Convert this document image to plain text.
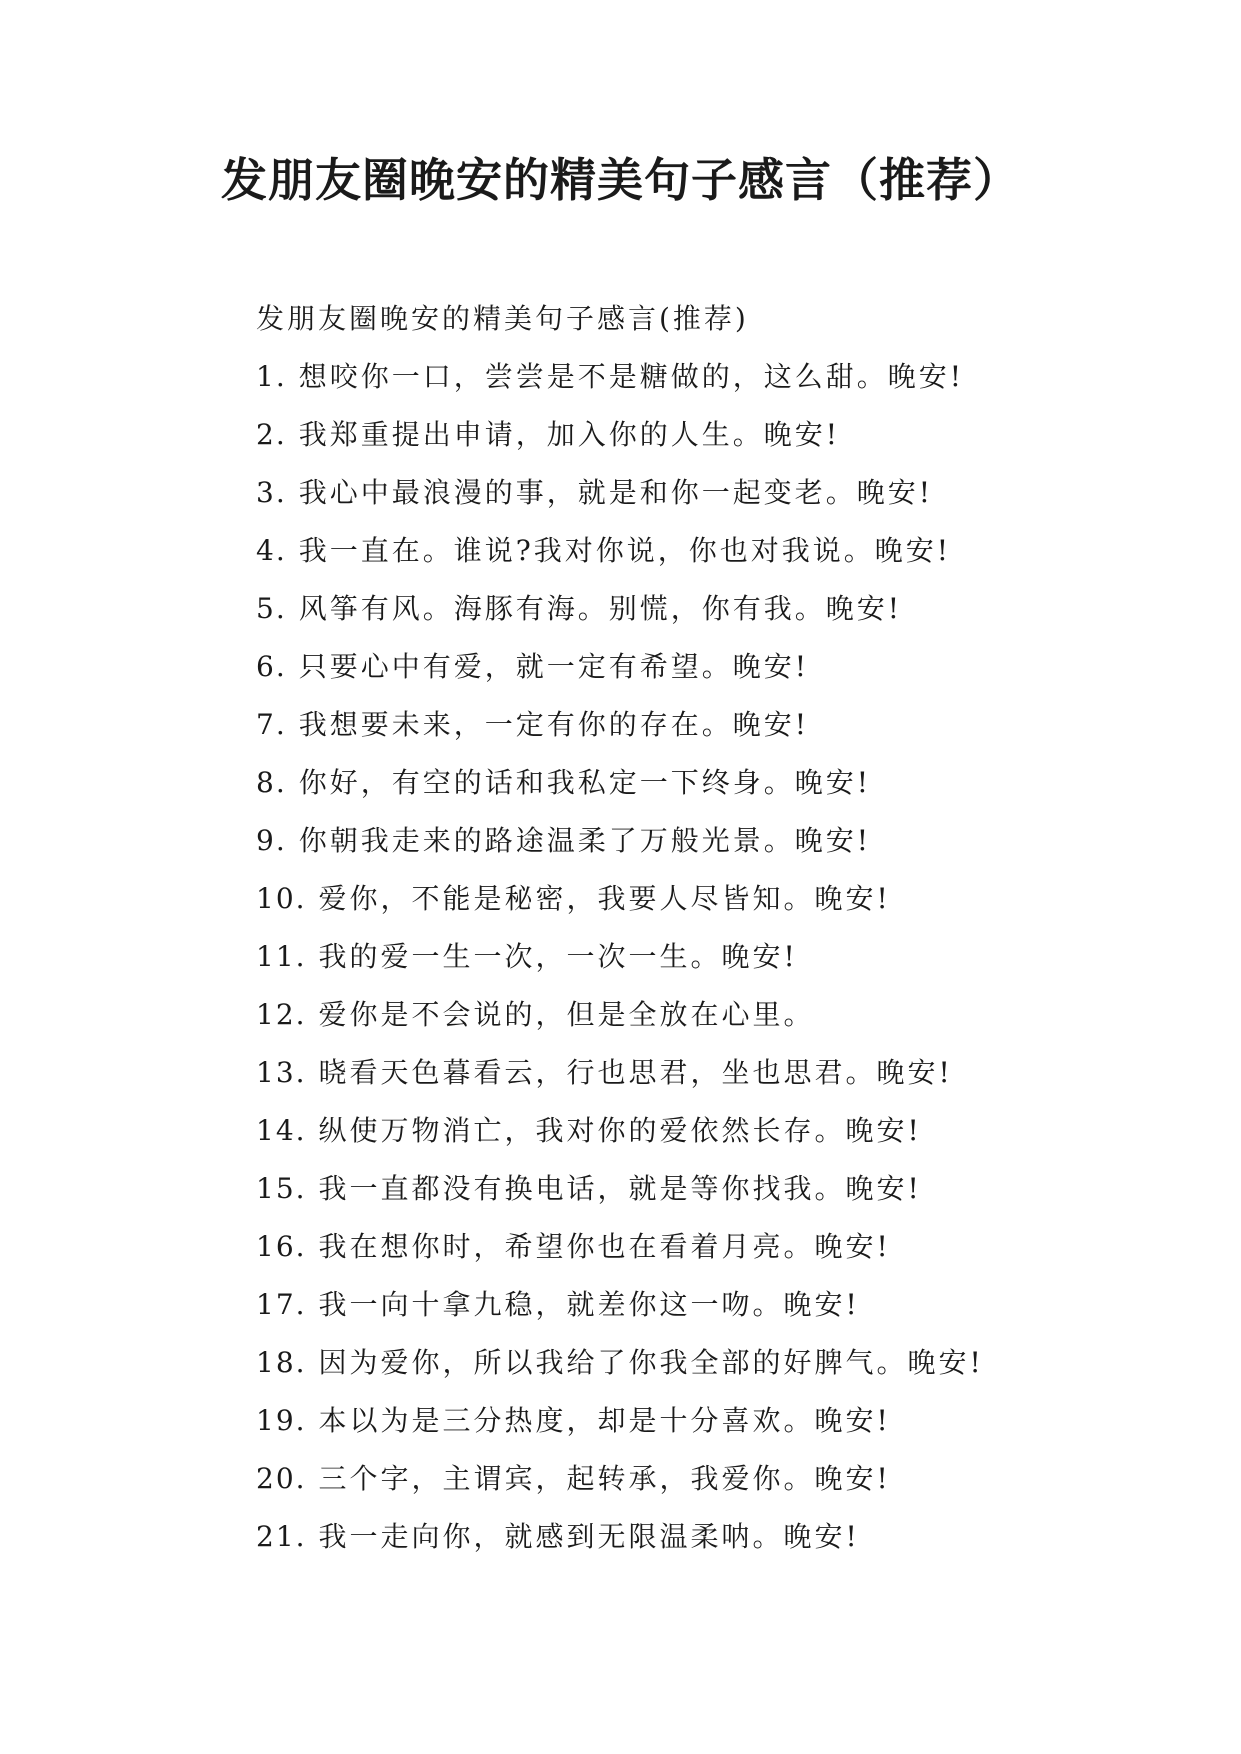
发朋友圈晚安的精美句子感言（推荐）

发朋友圈晚安的精美句子感言(推荐)

1. 想咬你一口，尝尝是不是糖做的，这么甜。晚安!
2. 我郑重提出申请，加入你的人生。晚安!
3. 我心中最浪漫的事，就是和你一起变老。晚安!
4. 我一直在。谁说?我对你说，你也对我说。晚安!
5. 风筝有风。海豚有海。别慌，你有我。晚安!
6. 只要心中有爱，就一定有希望。晚安!
7. 我想要未来，一定有你的存在。晚安!
8. 你好，有空的话和我私定一下终身。晚安!
9. 你朝我走来的路途温柔了万般光景。晚安!
10. 爱你，不能是秘密，我要人尽皆知。晚安!
11. 我的爱一生一次，一次一生。晚安!
12. 爱你是不会说的，但是全放在心里。
13. 晓看天色暮看云，行也思君，坐也思君。晚安!
14. 纵使万物消亡，我对你的爱依然长存。晚安!
15. 我一直都没有换电话，就是等你找我。晚安!
16. 我在想你时，希望你也在看着月亮。晚安!
17. 我一向十拿九稳，就差你这一吻。晚安!
18. 因为爱你，所以我给了你我全部的好脾气。晚安!
19. 本以为是三分热度，却是十分喜欢。晚安!
20. 三个字，主谓宾，起转承，我爱你。晚安!
21. 我一走向你，就感到无限温柔呐。晚安!
